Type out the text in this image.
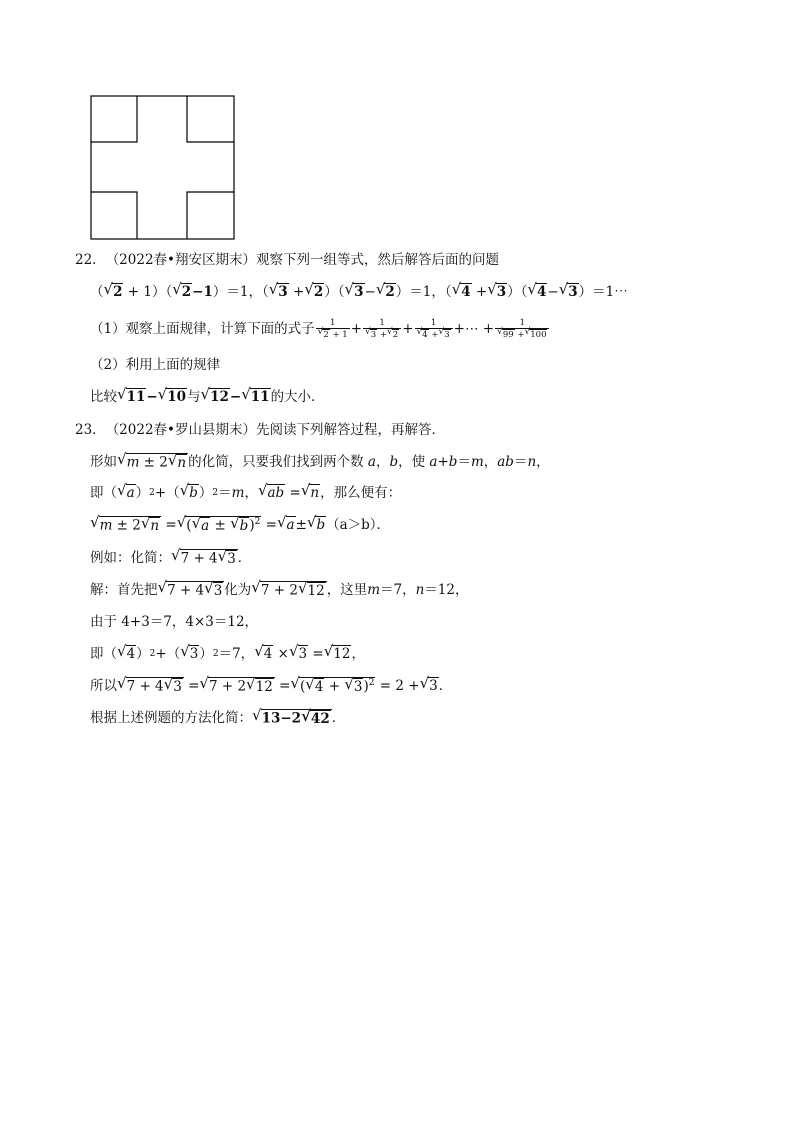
22． （2022春•翔安区期末） 观察下列一组等式，然后解答后面的问题
（ √ 2 + 1）（ √ 2 −1 ）＝1，（ √ 3 + √ 2 ）（ √ 3 − √ 2 ）＝1，（ √ 4 + √ 3 ）（ √ 4 − √ 3 ）＝1⋯
（1）观察上面规律，计算下面的式子 $\frac{1}{√ 2 + 1} + \frac{1}{√ 3 + √ 2} + \frac{1}{√ 4 + √ 3}$ +⋯ + $\frac{1}{√ 99 + √ 100}$
（2）利用上面的规律
比较 √ 11 − √ 10 与 √ 12 − √ 11 的大小．
23． （2022春•罗山县期末） 先阅读下列解答过程，再解答．
形如 √ m ± 2 √ n 的化简，只要我们找到两个数 a ， b ，使 a + b ＝ m ， ab ＝ n ，
即（ √ a ） 2 +（ √ b ） 2 ＝ m ， √ ab = √ n ，那么便有：
√ m ± 2 √ n = √ ( √ a ± √ b )$^2$ = √ a ± √ b （a＞b）．
例如：化简： √ 7 + 4 √ 3 ．
解：首先把 √ 7 + 4 √ 3 化为 √ 7 + 2 √ 12 ，这里 m ＝7 ， n ＝12，
由于 4+3＝7，4×3＝12，
即（ √ 4 ） 2 +（ √ 3 ） 2 ＝7， √ 4 × √ 3 = √ 12 ，
所以 √ 7 + 4 √ 3 = √ 7 + 2 √ 12 = √ ( √ 4 + √ 3 )$^2$ = 2 + √ 3 ．
根据上述例题的方法化简： √ 13−2 √ 42 ．
